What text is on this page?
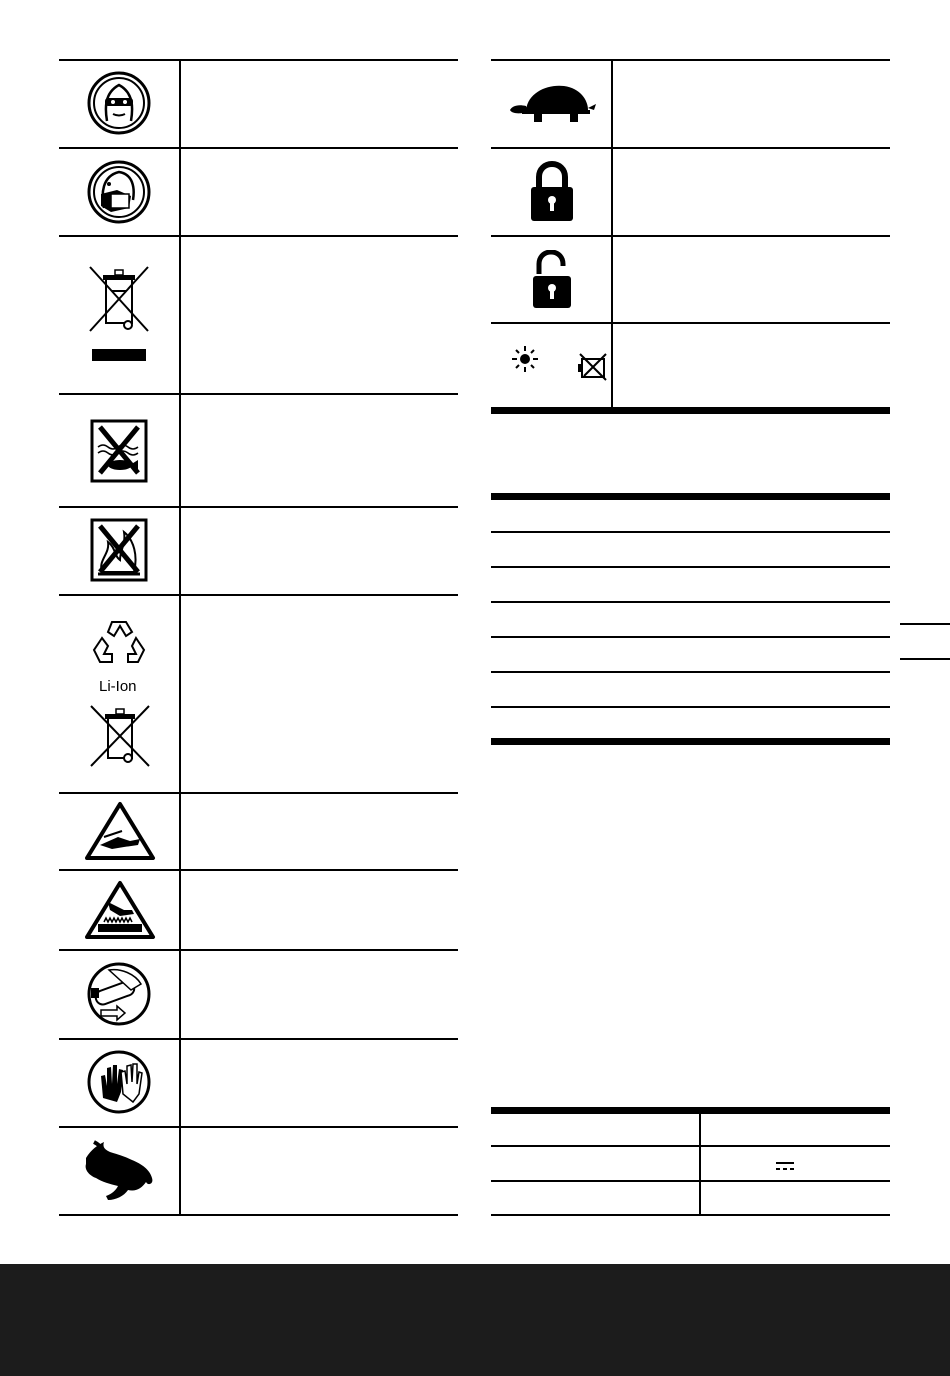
Li-Ion
